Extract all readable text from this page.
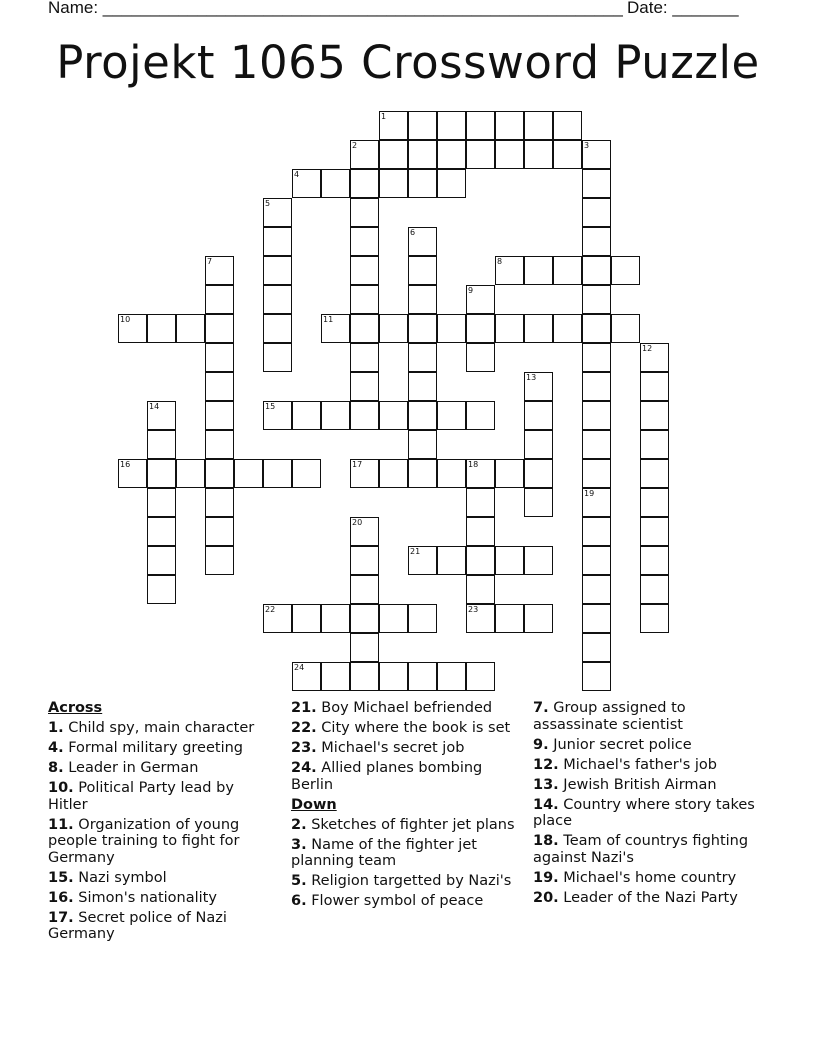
Name: _______________________________________________________ Date: _______
Projekt 1065 Crossword Puzzle
1
2	3
4
5
6
7	8
9
10	11
12
13
14	15
16	17	18
23
19
20
21
22
24
Across
1. Child spy, main character
4. Formal military greeting
8. Leader in German
10. Political Party lead by Hitler
11. Organization of young people training to fight for Germany
15. Nazi symbol
16. Simon's nationality
17. Secret police of Nazi Germany
21. Boy Michael befriended
22. City where the book is set
23. Michael's secret job
24. Allied planes bombing Berlin
Down
2. Sketches of fighter jet plans
3. Name of the fighter jet planning team
5. Religion targetted by Nazi's
6. Flower symbol of peace
7. Group assigned to assassinate scientist
9. Junior secret police
12. Michael's father's job
13. Jewish British Airman
14. Country where story takes place
18. Team of countrys fighting against Nazi's
19. Michael's home country
20. Leader of the Nazi Party
